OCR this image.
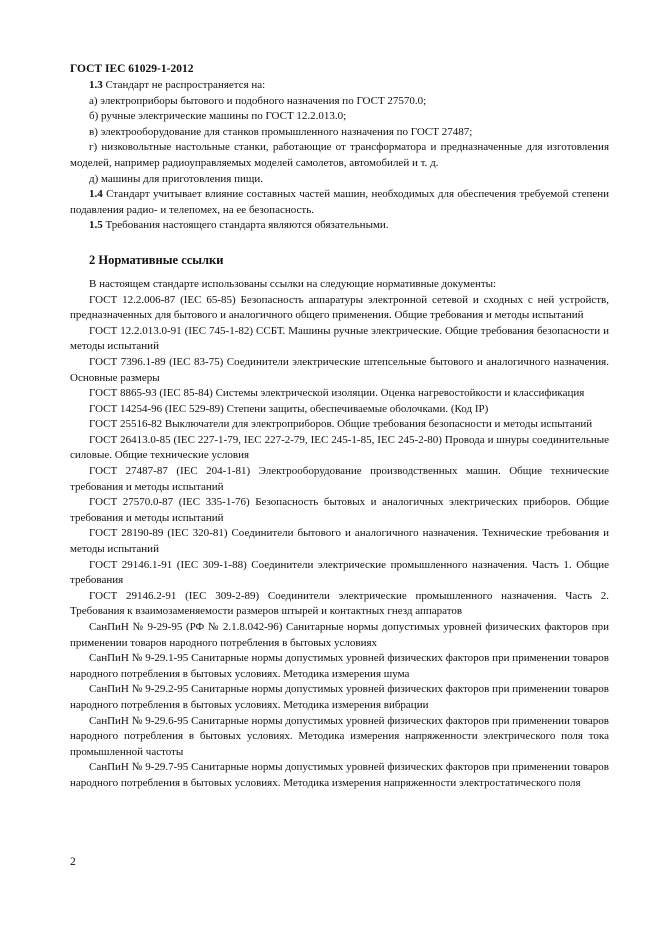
ГОСТ IEC 61029-1-2012

1.3 Стандарт не распространяется на:

а) электроприборы бытового и подобного назначения по ГОСТ 27570.0;

б) ручные электрические машины по ГОСТ 12.2.013.0;

в) электрооборудование для станков промышленного назначения по ГОСТ 27487;

г) низковольтные настольные станки, работающие от трансформатора и предназначенные для изготовления моделей, например радиоуправляемых моделей самолетов, автомобилей и т. д.

д) машины для приготовления пищи.

1.4 Стандарт учитывает влияние составных частей машин, необходимых для обеспечения требуемой степени подавления радио- и телепомех, на ее безопасность.

1.5 Требования настоящего стандарта являются обязательными.

2 Нормативные ссылки

В настоящем стандарте использованы ссылки на следующие нормативные документы:

ГОСТ 12.2.006-87 (IEC 65-85) Безопасность аппаратуры электронной сетевой и сходных с ней устройств, предназначенных для бытового и аналогичного общего применения. Общие требования и методы испытаний

ГОСТ 12.2.013.0-91 (IEC 745-1-82) ССБТ. Машины ручные электрические. Общие требования безопасности и методы испытаний

ГОСТ 7396.1-89 (IEC 83-75) Соединители электрические штепсельные бытового и аналогичного назначения. Основные размеры

ГОСТ 8865-93 (IEC 85-84) Системы электрической изоляции. Оценка нагревостойкости и классификация

ГОСТ 14254-96 (IEC 529-89) Степени защиты, обеспечиваемые оболочками. (Код IP)

ГОСТ 25516-82 Выключатели для электроприборов. Общие требования безопасности и методы испытаний

ГОСТ 26413.0-85 (IEC 227-1-79, IEC 227-2-79, IEC 245-1-85, IEC 245-2-80) Провода и шнуры соединительные силовые. Общие технические условия

ГОСТ 27487-87 (IEC 204-1-81) Электрооборудование производственных машин. Общие технические требования и методы испытаний

ГОСТ 27570.0-87 (IEC 335-1-76) Безопасность бытовых и аналогичных электрических приборов. Общие требования и методы испытаний

ГОСТ 28190-89 (IEC 320-81) Соединители бытового и аналогичного назначения. Технические требования и методы испытаний

ГОСТ 29146.1-91 (IEC 309-1-88) Соединители электрические промышленного назначения. Часть 1. Общие требования

ГОСТ 29146.2-91 (IEC 309-2-89) Соединители электрические промышленного назначения. Часть 2. Требования к взаимозаменяемости размеров штырей и контактных гнезд аппаратов

СанПиН № 9-29-95 (РФ № 2.1.8.042-96) Санитарные нормы допустимых уровней физических факторов при применении товаров народного потребления в бытовых условиях

СанПиН № 9-29.1-95 Санитарные нормы допустимых уровней физических факторов при применении товаров народного потребления в бытовых условиях. Методика измерения шума

СанПиН № 9-29.2-95 Санитарные нормы допустимых уровней физических факторов при применении товаров народного потребления в бытовых условиях. Методика измерения вибрации

СанПиН № 9-29.6-95 Санитарные нормы допустимых уровней физических факторов при применении товаров народного потребления в бытовых условиях. Методика измерения напряженности электрического поля тока промышленной частоты

СанПиН № 9-29.7-95 Санитарные нормы допустимых уровней физических факторов при применении товаров народного потребления в бытовых условиях. Методика измерения напряженности электростатического поля

2
